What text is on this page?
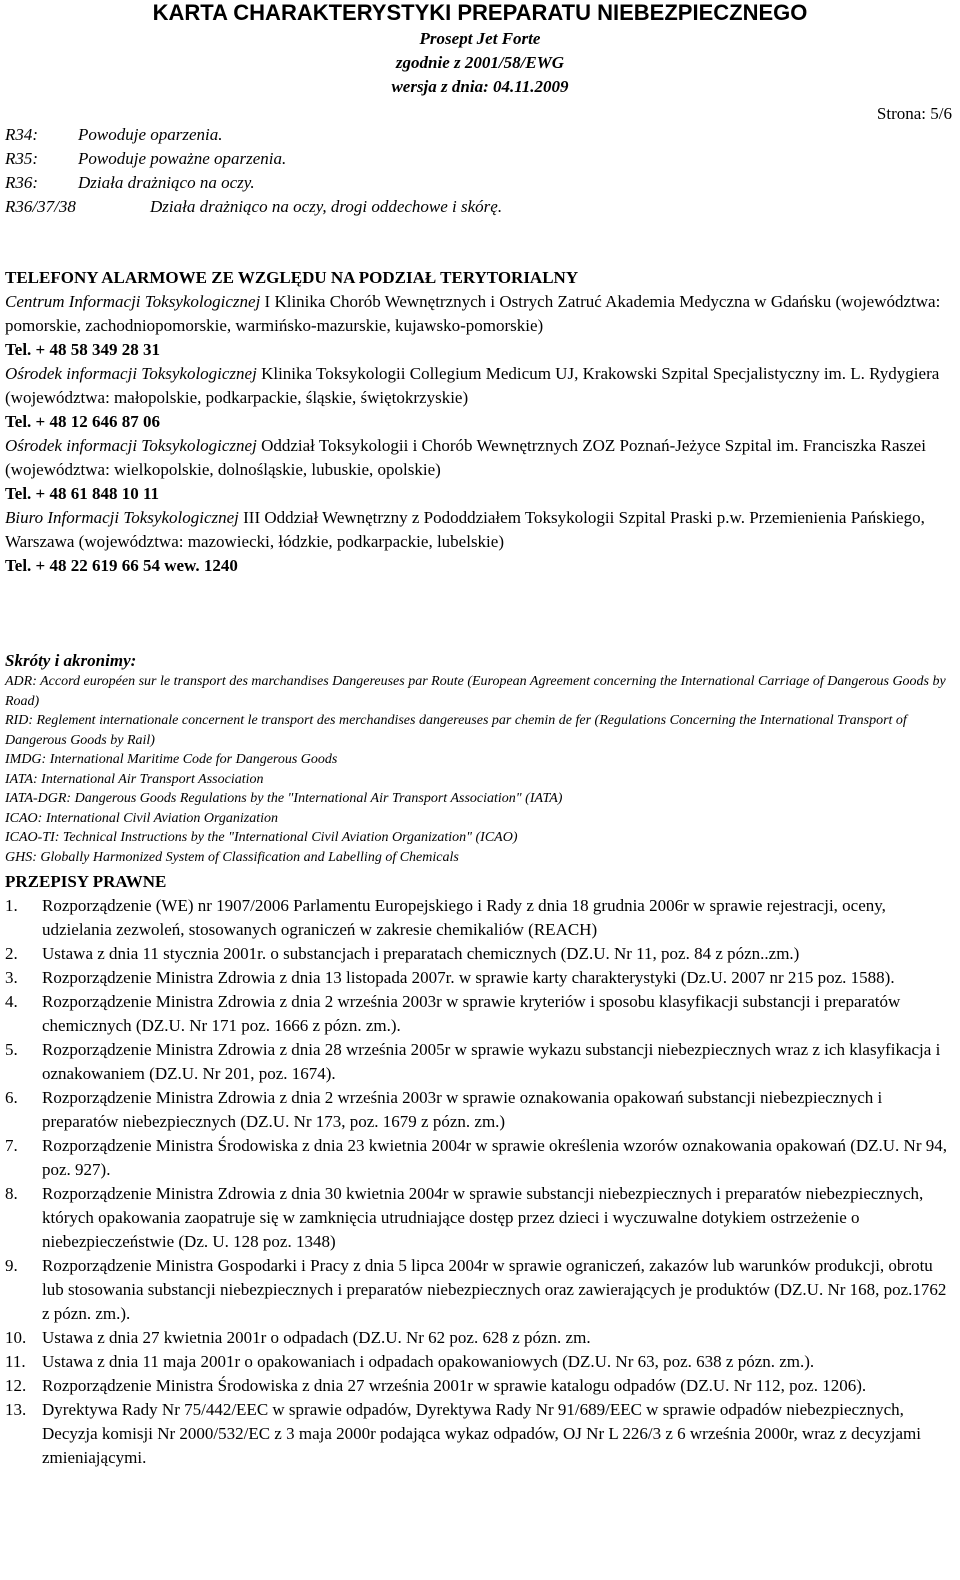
KARTA CHARAKTERYSTYKI PREPARATU NIEBEZPIECZNEGO
Prosept Jet Forte
zgodnie z 2001/58/EWG
wersja z dnia: 04.11.2009
Strona: 5/6
R34:	Powoduje oparzenia.
R35:	Powoduje poważne oparzenia.
R36:	Działa drażniąco na oczy.
R36/37/38	Działa drażniąco na oczy, drogi oddechowe i skórę.
TELEFONY ALARMOWE ZE WZGLĘDU NA PODZIAŁ TERYTORIALNY
Centrum Informacji Toksykologicznej I Klinika Chorób Wewnętrznych i Ostrych Zatruć Akademia Medyczna w Gdańsku (województwa: pomorskie, zachodniopomorskie, warmińsko-mazurskie, kujawsko-pomorskie)
Tel. + 48 58 349 28 31
Ośrodek informacji Toksykologicznej Klinika Toksykologii Collegium Medicum UJ, Krakowski Szpital Specjalistyczny im. L. Rydygiera (województwa: małopolskie, podkarpackie, śląskie, świętokrzyskie)
Tel. + 48 12 646 87 06
Ośrodek informacji Toksykologicznej Oddział Toksykologii i Chorób Wewnętrznych ZOZ Poznań-Jeżyce Szpital im. Franciszka Raszei (województwa: wielkopolskie, dolnośląskie, lubuskie, opolskie)
Tel. + 48 61 848 10 11
Biuro Informacji Toksykologicznej III Oddział Wewnętrzny z Pododdziałem Toksykologii Szpital Praski p.w. Przemienienia Pańskiego, Warszawa (województwa: mazowiecki, łódzkie, podkarpackie, lubelskie)
Tel. + 48 22 619 66 54 wew. 1240
Skróty i akronimy:
ADR: Accord européen sur le transport des marchandises Dangereuses par Route (European Agreement concerning the International Carriage of Dangerous Goods by Road)
RID: Reglement internationale concernent le transport des merchandises dangereuses par chemin de fer (Regulations Concerning the International Transport of Dangerous Goods by Rail)
IMDG: International Maritime Code for Dangerous Goods
IATA: International Air Transport Association
IATA-DGR: Dangerous Goods Regulations by the "International Air Transport Association" (IATA)
ICAO: International Civil Aviation Organization
ICAO-TI: Technical Instructions by the "International Civil Aviation Organization" (ICAO)
GHS: Globally Harmonized System of Classification and Labelling of Chemicals
PRZEPISY PRAWNE
1.	Rozporządzenie (WE) nr 1907/2006 Parlamentu Europejskiego i Rady z dnia 18 grudnia 2006r w sprawie rejestracji, oceny, udzielania zezwoleń, stosowanych ograniczeń w zakresie chemikaliów (REACH)
2.	Ustawa z dnia 11 stycznia 2001r. o substancjach i preparatach chemicznych (DZ.U. Nr 11, poz. 84 z pózn..zm.)
3.	Rozporządzenie Ministra Zdrowia z dnia 13 listopada 2007r. w sprawie karty charakterystyki (Dz.U. 2007 nr 215 poz. 1588).
4.	Rozporządzenie Ministra Zdrowia z dnia 2 września 2003r w sprawie kryteriów i sposobu klasyfikacji substancji i preparatów chemicznych (DZ.U. Nr 171 poz. 1666 z pózn. zm.).
5.	Rozporządzenie Ministra Zdrowia z dnia 28 września 2005r w sprawie wykazu substancji niebezpiecznych wraz z ich klasyfikacja i oznakowaniem (DZ.U. Nr 201, poz. 1674).
6.	Rozporządzenie Ministra Zdrowia z dnia 2 września 2003r w sprawie oznakowania opakowań substancji niebezpiecznych i preparatów niebezpiecznych (DZ.U. Nr 173, poz. 1679 z pózn. zm.)
7.	Rozporządzenie Ministra Środowiska z dnia 23 kwietnia 2004r w sprawie określenia wzorów oznakowania opakowań (DZ.U. Nr 94, poz. 927).
8.	Rozporządzenie Ministra Zdrowia z dnia 30 kwietnia 2004r w sprawie substancji niebezpiecznych i preparatów niebezpiecznych, których opakowania zaopatruje się w zamknięcia utrudniające dostęp przez dzieci i wyczuwalne dotykiem ostrzeżenie o niebezpieczeństwie (Dz. U. 128 poz. 1348)
9.	Rozporządzenie Ministra Gospodarki i Pracy z dnia 5 lipca 2004r w sprawie ograniczeń, zakazów lub warunków produkcji, obrotu lub stosowania substancji niebezpiecznych i preparatów niebezpiecznych oraz zawierających je produktów (DZ.U. Nr 168, poz.1762 z pózn. zm.).
10. Ustawa z dnia 27 kwietnia 2001r o odpadach (DZ.U. Nr 62 poz. 628 z pózn. zm.
11. Ustawa z dnia 11 maja 2001r o opakowaniach i odpadach opakowaniowych (DZ.U. Nr 63, poz. 638 z pózn. zm.).
12. Rozporządzenie Ministra Środowiska z dnia 27 września 2001r w sprawie katalogu odpadów (DZ.U. Nr 112, poz. 1206).
13. Dyrektywa Rady Nr 75/442/EEC w sprawie odpadów, Dyrektywa Rady Nr 91/689/EEC w sprawie odpadów niebezpiecznych, Decyzja komisji Nr 2000/532/EC z 3 maja 2000r podająca wykaz odpadów, OJ Nr L 226/3 z 6 września 2000r, wraz z decyzjami zmieniającymi.
